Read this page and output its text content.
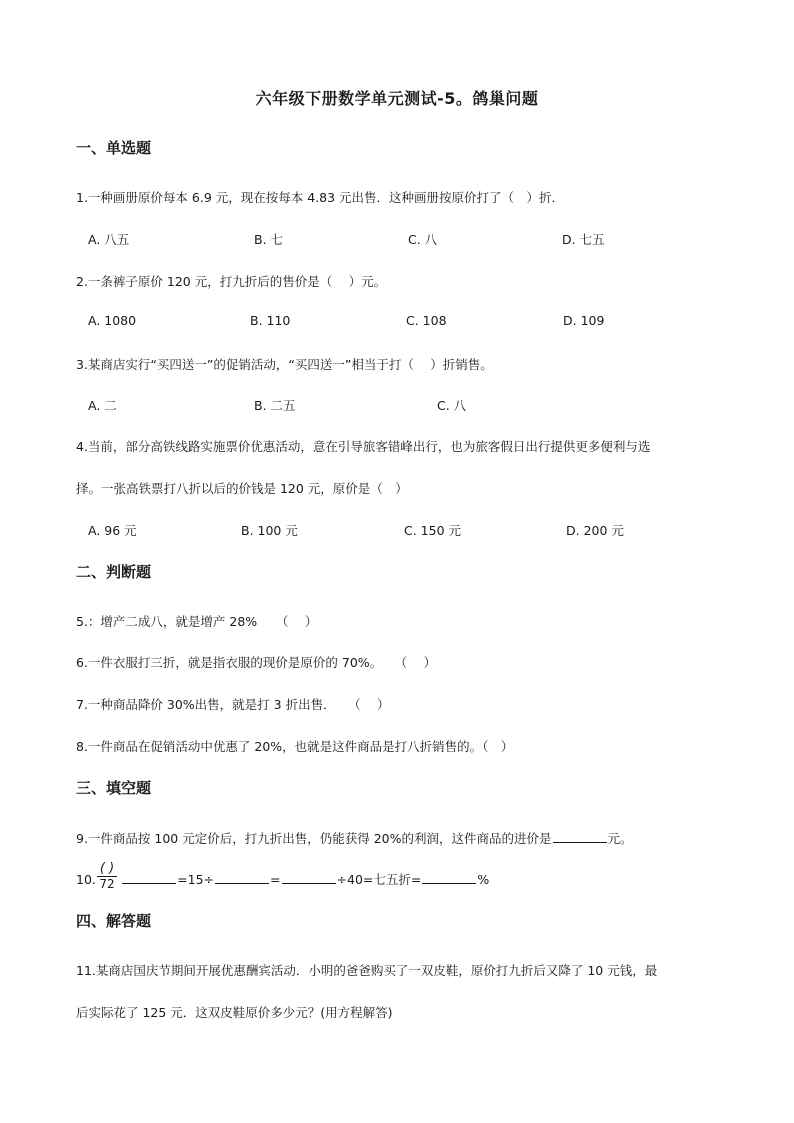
六年级下册数学单元测试-5。鸽巢问题
一、单选题
1.一种画册原价每本 6.9 元，现在按每本 4.83 元出售．这种画册按原价打了（　）折．
A. 八五	B. 七	C. 八	D. 七五
2.一条裤子原价 120 元，打九折后的售价是（　 ）元。
A. 1080	B. 110	C. 108	D. 109
3.某商店实行“买四送一”的促销活动，“买四送一”相当于打（　 ）折销售。
A. 二	B. 二五	C. 八
4.当前，部分高铁线路实施票价优惠活动，意在引导旅客错峰出行，也为旅客假日出行提供更多便利与选
择。一张高铁票打八折以后的价钱是 120 元，原价是（　）
A. 96 元	B. 100 元	C. 150 元	D. 200 元
二、判断题
5.：增产二成八，就是增产 28%　　（　 ）
6.一件衣服打三折，就是指衣服的现价是原价的 70%。　　（　 ）
7.一种商品降价 30%出售，就是打 3 折出售．　　（　 ）
8.一件商品在促销活动中优惠了 20%，也就是这件商品是打八折销售的。（　）
三、填空题
9.一件商品按 100 元定价后，打九折出售，仍能获得 20%的利润，这件商品的进价是	元。
10. $\frac{( )}{72}$	=15÷	=	÷40=七五折=	%
四、解答题
11.某商店国庆节期间开展优惠酬宾活动．小明的爸爸购买了一双皮鞋，原价打九折后又降了 10 元钱，最
后实际花了 125 元．这双皮鞋原价多少元？(用方程解答)
